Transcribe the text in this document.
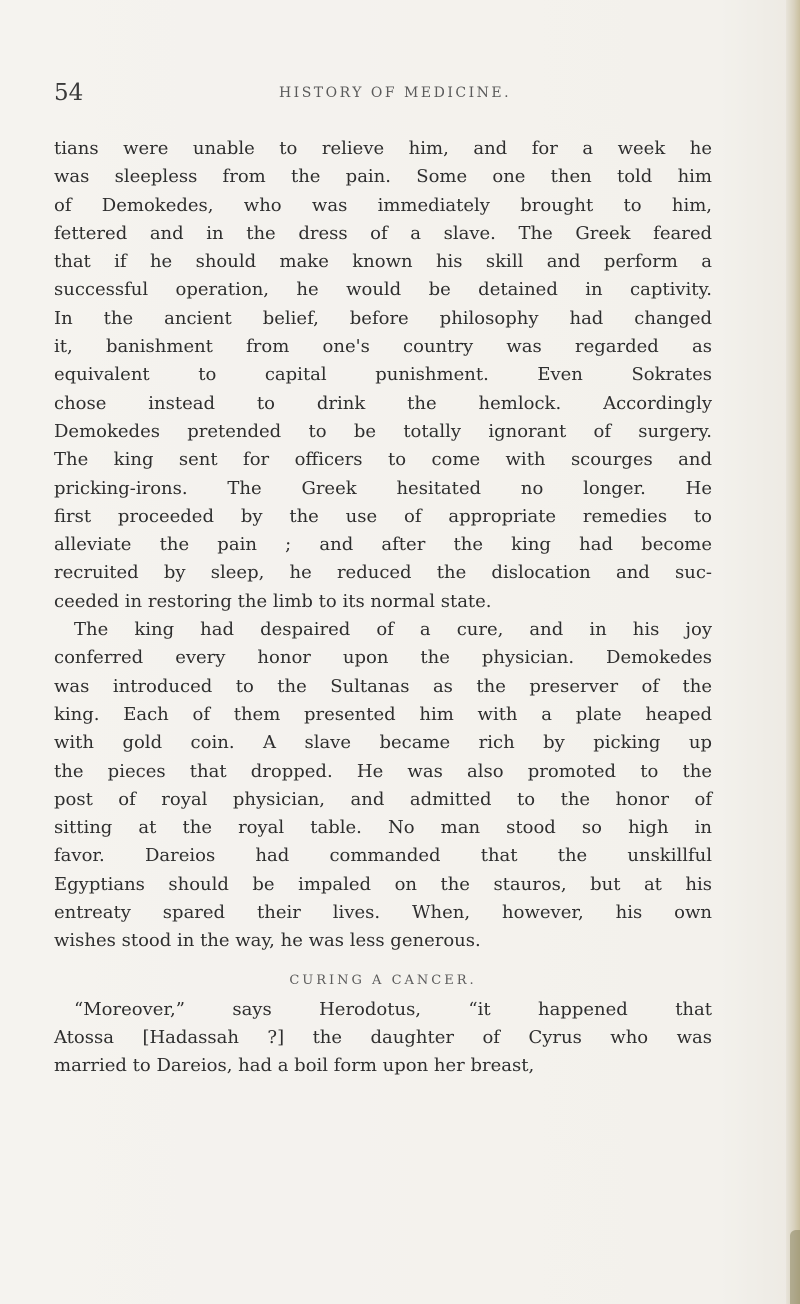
54	HISTORY OF MEDICINE.
tians were unable to relieve him, and for a week he
was sleepless from the pain. Some one then told him
of Demokedes, who was immediately brought to him,
fettered and in the dress of a slave. The Greek feared
that if he should make known his skill and perform a
successful operation, he would be detained in captivity.
In the ancient belief, before philosophy had changed
it, banishment from one's country was regarded as
equivalent to capital punishment. Even Sokrates
chose instead to drink the hemlock. Accordingly
Demokedes pretended to be totally ignorant of surgery.
The king sent for officers to come with scourges and
pricking-irons. The Greek hesitated no longer. He
first proceeded by the use of appropriate remedies to
alleviate the pain ; and after the king had become
recruited by sleep, he reduced the dislocation and suc-
ceeded in restoring the limb to its normal state.
The king had despaired of a cure, and in his joy
conferred every honor upon the physician. Demokedes
was introduced to the Sultanas as the preserver of the
king. Each of them presented him with a plate heaped
with gold coin. A slave became rich by picking up
the pieces that dropped. He was also promoted to the
post of royal physician, and admitted to the honor of
sitting at the royal table. No man stood so high in
favor. Dareios had commanded that the unskillful
Egyptians should be impaled on the stauros, but at his
entreaty spared their lives. When, however, his own
wishes stood in the way, he was less generous.
CURING A CANCER.
“Moreover,” says Herodotus, “it happened that
Atossa [Hadassah ?] the daughter of Cyrus who was
married to Dareios, had a boil form upon her breast,
